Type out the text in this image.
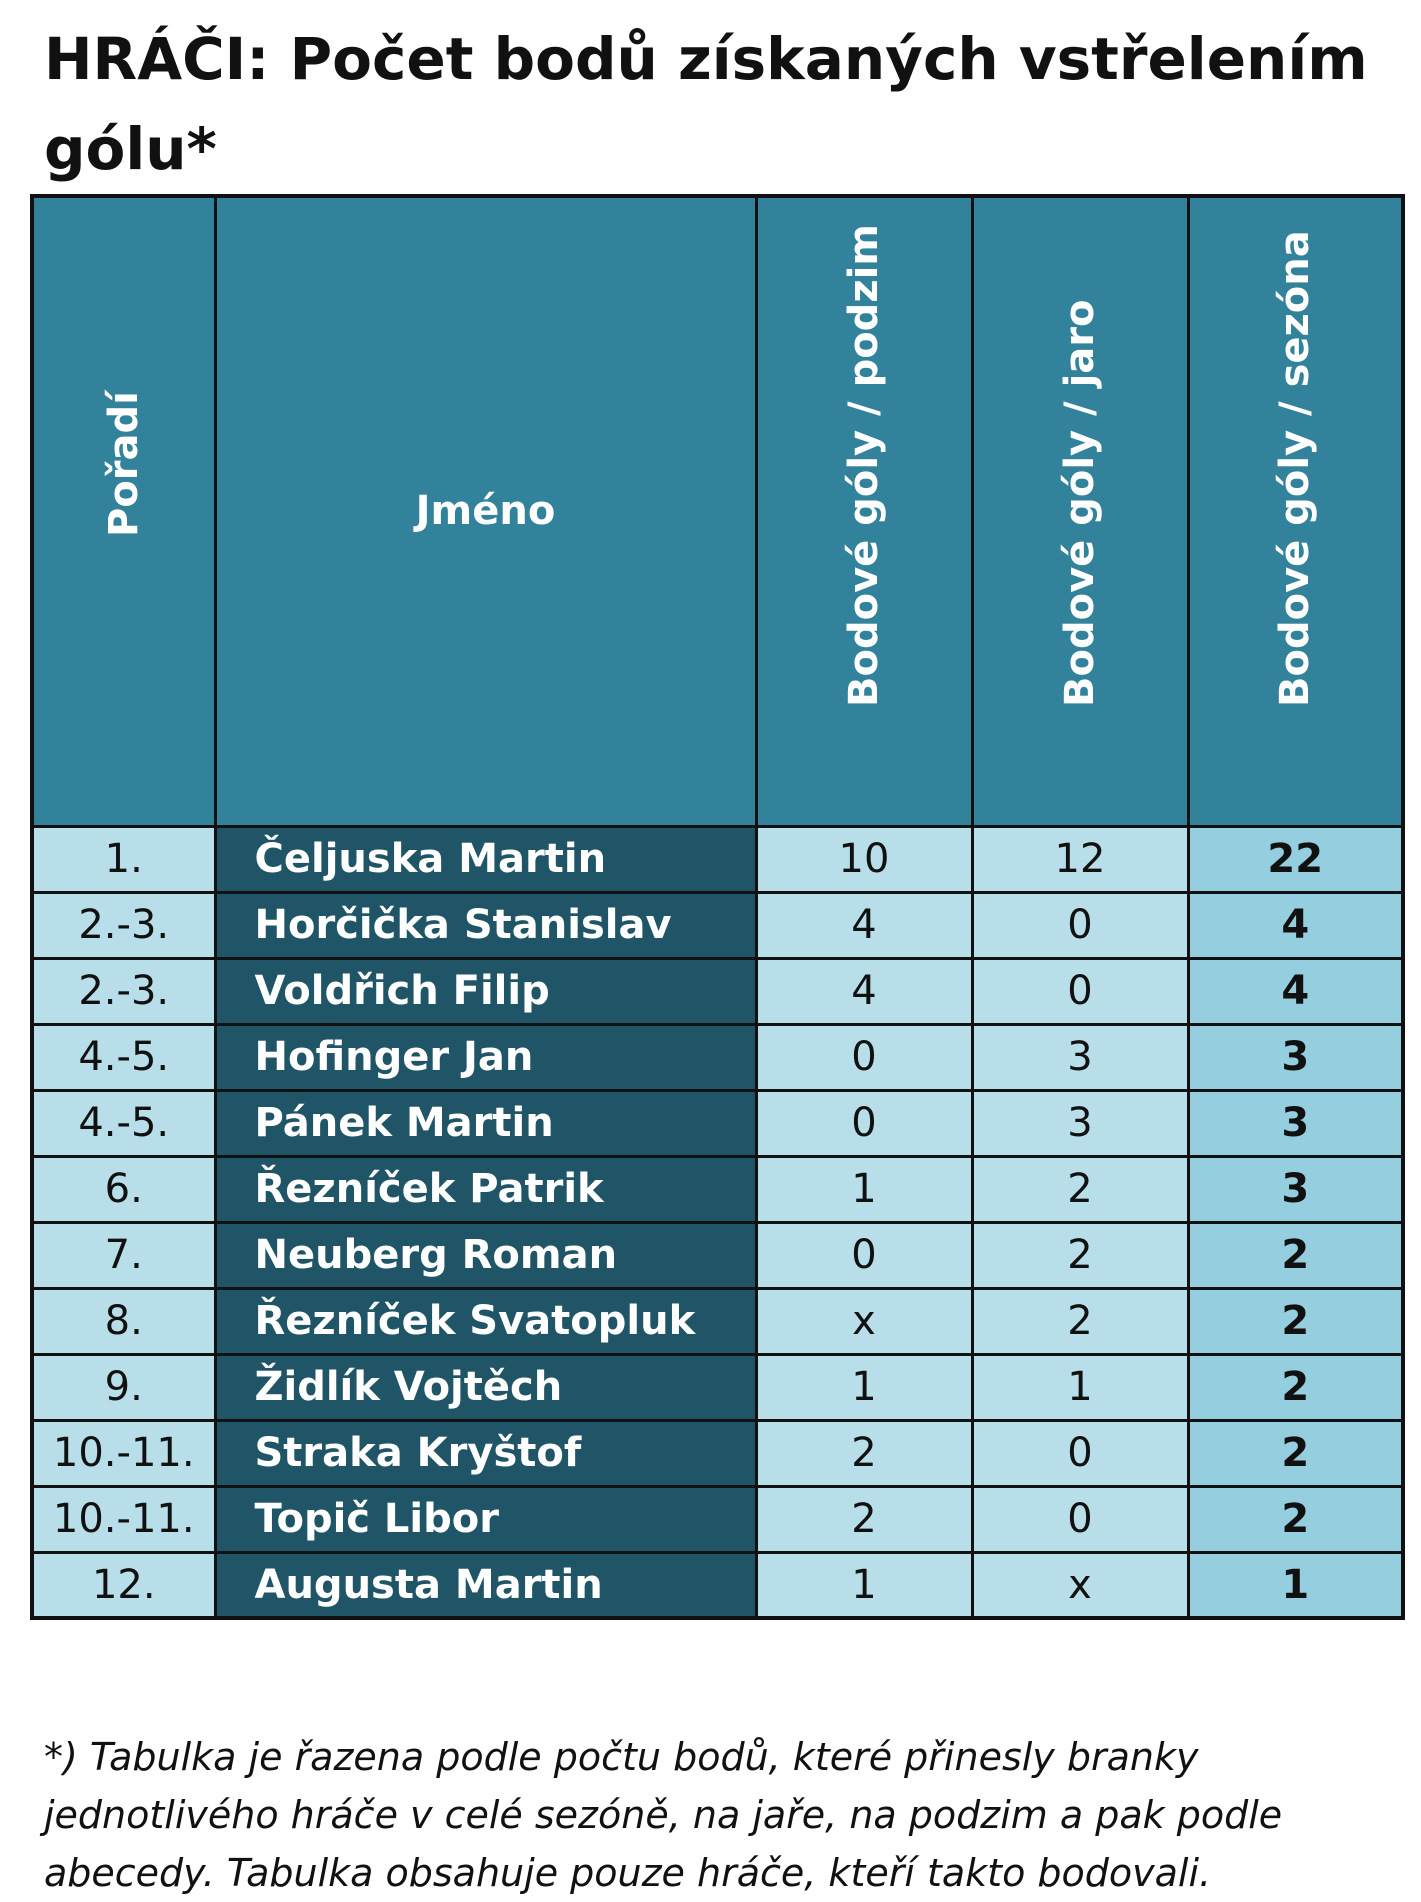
HRÁČI: Počet bodů získaných vstřelením gólu*
Pořadí	Jméno	Bodové góly / podzim	Bodové góly / jaro	Bodové góly / sezóna

1.	Čeljuska Martin	10	12	22
2.-3.	Horčička Stanislav	4	0	4
2.-3.	Voldřich Filip	4	0	4
4.-5.	Hofinger Jan	0	3	3
4.-5.	Pánek Martin	0	3	3
6.	Řezníček Patrik	1	2	3
7.	Neuberg Roman	0	2	2
8.	Řezníček Svatopluk	x	2	2
9.	Židlík Vojtěch	1	1	2
10.-11.	Straka Kryštof	2	0	2
10.-11.	Topič Libor	2	0	2
12.	Augusta Martin	1	x	1

*) Tabulka je řazena podle počtu bodů, které přinesly branky jednotlivého hráče v celé sezóně, na jaře, na podzim a pak podle abecedy. Tabulka obsahuje pouze hráče, kteří takto bodovali.
